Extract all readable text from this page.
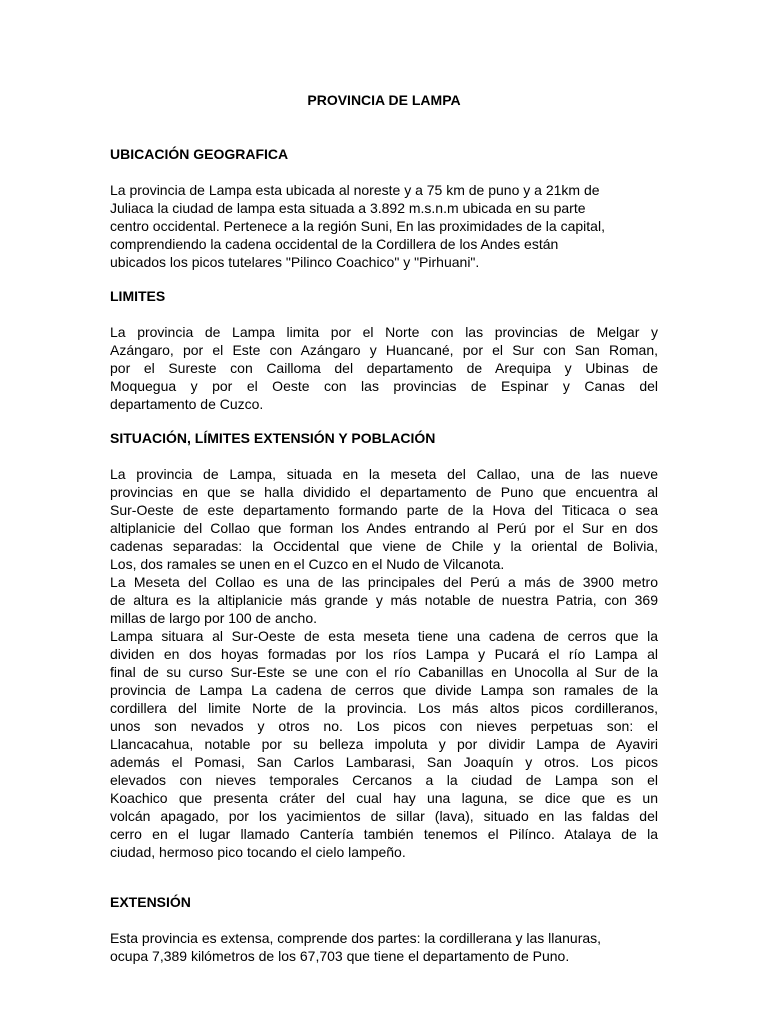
PROVINCIA DE LAMPA
UBICACIÓN GEOGRAFICA
La provincia de Lampa esta ubicada al noreste y a 75 km de puno y a 21km de
Juliaca la ciudad de lampa esta situada a 3.892 m.s.n.m ubicada en su parte
centro occidental. Pertenece a la región Suni, En las proximidades de la capital,
comprendiendo la cadena occidental de la Cordillera de los Andes están
ubicados los picos tutelares "Pilinco Coachico" y "Pirhuani".
LIMITES
La provincia de Lampa limita por el Norte con las provincias de Melgar y
Azángaro, por el Este con Azángaro y Huancané, por el Sur con San Roman,
por el Sureste con Cailloma del departamento de Arequipa y Ubinas de
Moquegua y por el Oeste con las provincias de Espinar y Canas del
departamento de Cuzco.
SITUACIÓN, LÍMITES EXTENSIÓN Y POBLACIÓN
La provincia de Lampa, situada en la meseta del Callao, una de las nueve
provincias en que se halla dividido el departamento de Puno que encuentra al
Sur-Oeste de este departamento formando parte de la Hova del Titicaca o sea
altiplanicie del Collao que forman los Andes entrando al Perú por el Sur en dos
cadenas separadas: la Occidental que viene de Chile y la oriental de Bolivia,
Los, dos ramales se unen en el Cuzco en el Nudo de Vilcanota.
La Meseta del Collao es una de las principales del Perú a más de 3900 metro
de altura es la altiplanicie más grande y más notable de nuestra Patria, con 369
millas de largo por 100 de ancho.
Lampa situara al Sur-Oeste de esta meseta tiene una cadena de cerros que la
dividen en dos hoyas formadas por los ríos Lampa y Pucará el río Lampa al
final de su curso Sur-Este se une con el río Cabanillas en Unocolla al Sur de la
provincia de Lampa La cadena de cerros que divide Lampa son ramales de la
cordillera del limite Norte de la provincia. Los más altos picos cordilleranos,
unos son nevados y otros no. Los picos con nieves perpetuas son: el
Llancacahua, notable por su belleza impoluta y por dividir Lampa de Ayaviri
además el Pomasi, San Carlos Lambarasi, San Joaquín y otros. Los picos
elevados con nieves temporales Cercanos a la ciudad de Lampa son el
Koachico que presenta cráter del cual hay una laguna, se dice que es un
volcán apagado, por los yacimientos de sillar (lava), situado en las faldas del
cerro en el lugar llamado Cantería también tenemos el Pilínco. Atalaya de la
ciudad, hermoso pico tocando el cielo lampeño.
EXTENSIÓN
Esta provincia es extensa, comprende dos partes: la cordillerana y las llanuras,
ocupa 7,389 kilómetros de los 67,703 que tiene el departamento de Puno.
